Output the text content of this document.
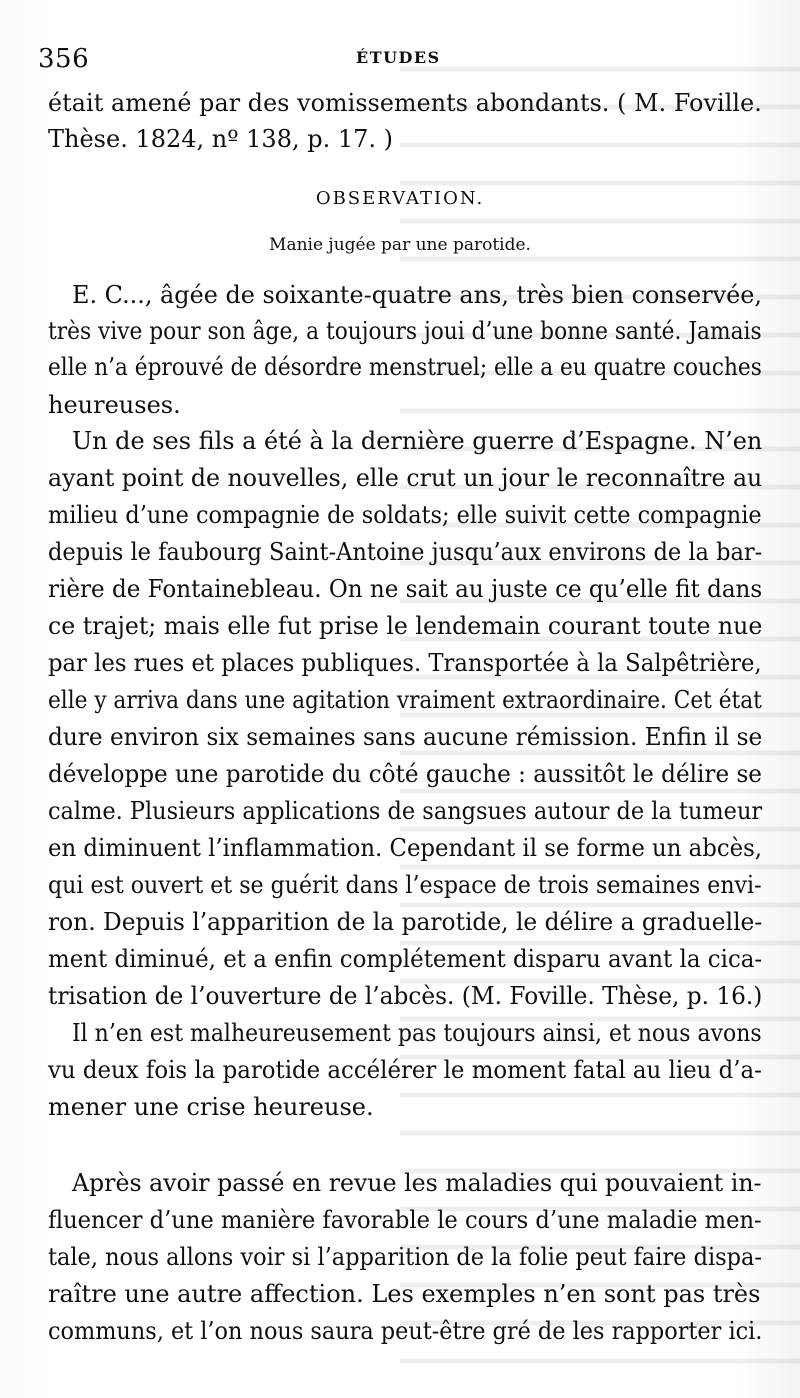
356	ÉTUDES
était amené par des vomissements abondants. ( M. Foville.
Thèse. 1824, nº 138, p. 17. )
OBSERVATION.
Manie jugée par une parotide.
E. C..., âgée de soixante-quatre ans, très bien conservée,
très vive pour son âge, a toujours joui d’une bonne santé. Jamais
elle n’a éprouvé de désordre menstruel; elle a eu quatre couches
heureuses.
Un de ses fils a été à la dernière guerre d’Espagne. N’en
ayant point de nouvelles, elle crut un jour le reconnaître au
milieu d’une compagnie de soldats; elle suivit cette compagnie
depuis le faubourg Saint-Antoine jusqu’aux environs de la bar-
rière de Fontainebleau. On ne sait au juste ce qu’elle fit dans
ce trajet; mais elle fut prise le lendemain courant toute nue
par les rues et places publiques. Transportée à la Salpêtrière,
elle y arriva dans une agitation vraiment extraordinaire. Cet état
dure environ six semaines sans aucune rémission. Enfin il se
développe une parotide du côté gauche : aussitôt le délire se
calme. Plusieurs applications de sangsues autour de la tumeur
en diminuent l’inflammation. Cependant il se forme un abcès,
qui est ouvert et se guérit dans l’espace de trois semaines envi-
ron. Depuis l’apparition de la parotide, le délire a graduelle-
ment diminué, et a enfin complétement disparu avant la cica-
trisation de l’ouverture de l’abcès. (M. Foville. Thèse, p. 16.)
Il n’en est malheureusement pas toujours ainsi, et nous avons
vu deux fois la parotide accélérer le moment fatal au lieu d’a-
mener une crise heureuse.
Après avoir passé en revue les maladies qui pouvaient in-
fluencer d’une manière favorable le cours d’une maladie men-
tale, nous allons voir si l’apparition de la folie peut faire dispa-
raître une autre affection. Les exemples n’en sont pas très
communs, et l’on nous saura peut-être gré de les rapporter ici.
